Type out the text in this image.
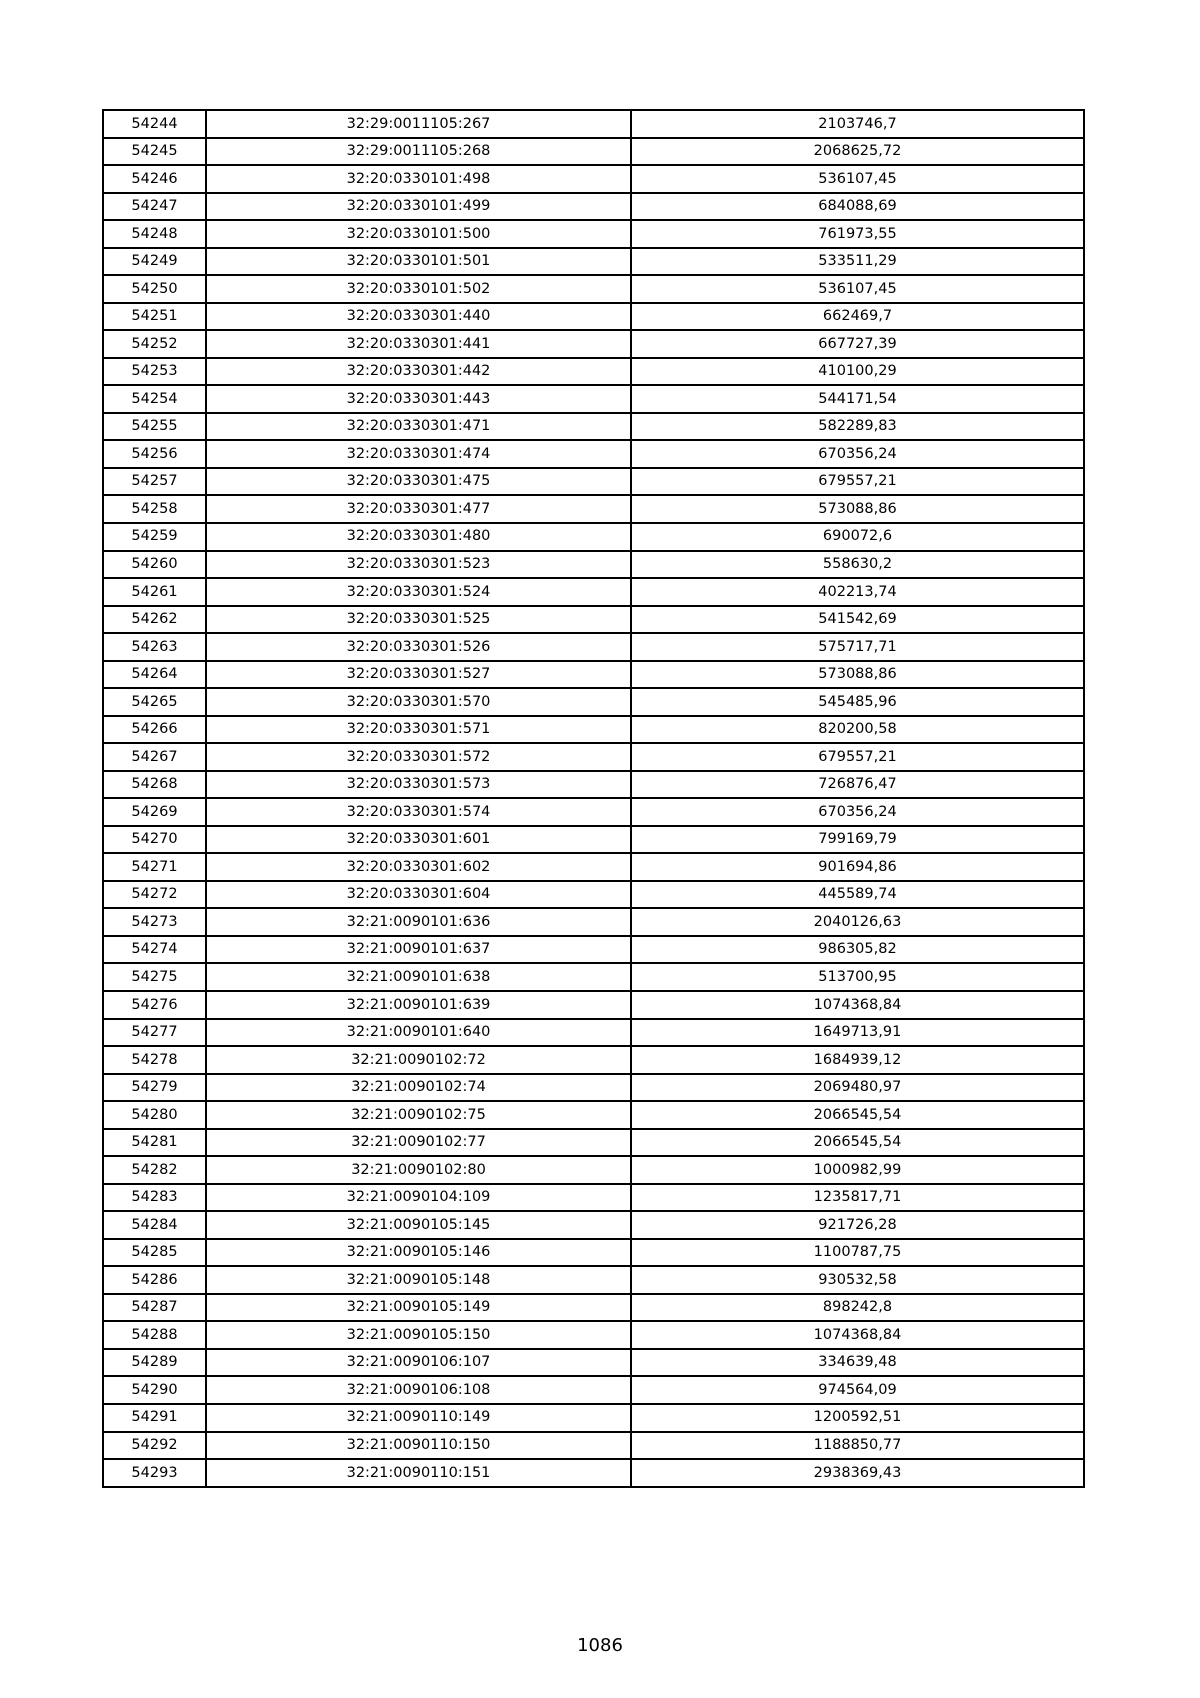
54244	32:29:0011105:267	2103746,7
54245	32:29:0011105:268	2068625,72
54246	32:20:0330101:498	536107,45
54247	32:20:0330101:499	684088,69
54248	32:20:0330101:500	761973,55
54249	32:20:0330101:501	533511,29
54250	32:20:0330101:502	536107,45
54251	32:20:0330301:440	662469,7
54252	32:20:0330301:441	667727,39
54253	32:20:0330301:442	410100,29
54254	32:20:0330301:443	544171,54
54255	32:20:0330301:471	582289,83
54256	32:20:0330301:474	670356,24
54257	32:20:0330301:475	679557,21
54258	32:20:0330301:477	573088,86
54259	32:20:0330301:480	690072,6
54260	32:20:0330301:523	558630,2
54261	32:20:0330301:524	402213,74
54262	32:20:0330301:525	541542,69
54263	32:20:0330301:526	575717,71
54264	32:20:0330301:527	573088,86
54265	32:20:0330301:570	545485,96
54266	32:20:0330301:571	820200,58
54267	32:20:0330301:572	679557,21
54268	32:20:0330301:573	726876,47
54269	32:20:0330301:574	670356,24
54270	32:20:0330301:601	799169,79
54271	32:20:0330301:602	901694,86
54272	32:20:0330301:604	445589,74
54273	32:21:0090101:636	2040126,63
54274	32:21:0090101:637	986305,82
54275	32:21:0090101:638	513700,95
54276	32:21:0090101:639	1074368,84
54277	32:21:0090101:640	1649713,91
54278	32:21:0090102:72	1684939,12
54279	32:21:0090102:74	2069480,97
54280	32:21:0090102:75	2066545,54
54281	32:21:0090102:77	2066545,54
54282	32:21:0090102:80	1000982,99
54283	32:21:0090104:109	1235817,71
54284	32:21:0090105:145	921726,28
54285	32:21:0090105:146	1100787,75
54286	32:21:0090105:148	930532,58
54287	32:21:0090105:149	898242,8
54288	32:21:0090105:150	1074368,84
54289	32:21:0090106:107	334639,48
54290	32:21:0090106:108	974564,09
54291	32:21:0090110:149	1200592,51
54292	32:21:0090110:150	1188850,77
54293	32:21:0090110:151	2938369,43
1086
